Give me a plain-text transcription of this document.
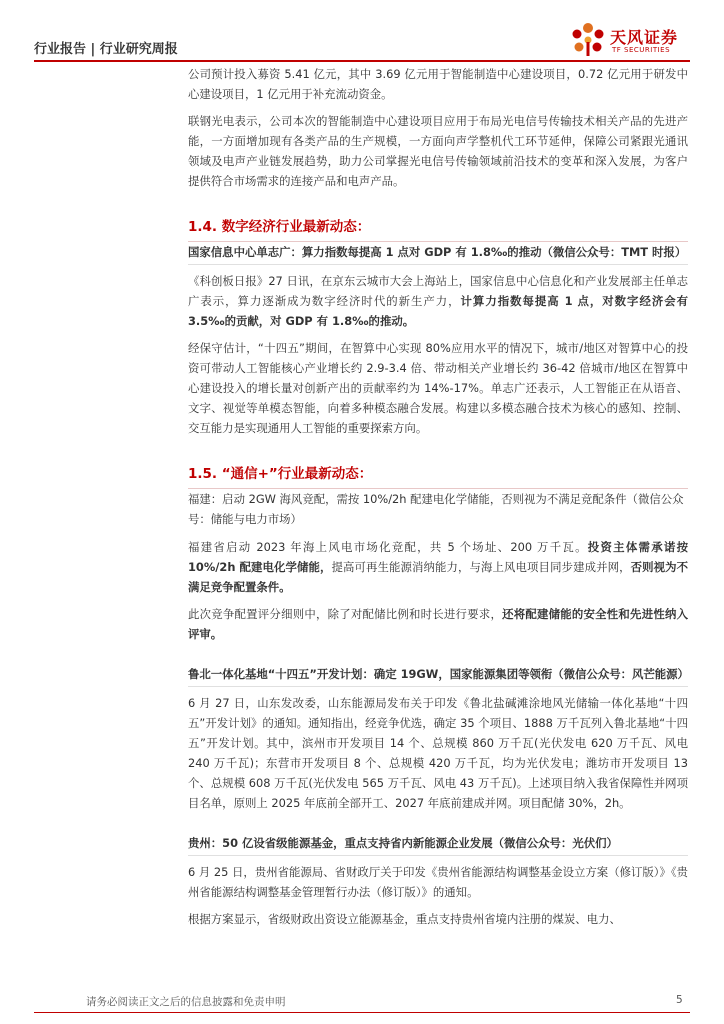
行业报告 | 行业研究周报
天风证券
TF SECURITIES

公司预计投入募资 5.41 亿元，其中 3.69 亿元用于智能制造中心建设项目，0.72 亿元用于研发中心建设项目，1 亿元用于补充流动资金。

联钢光电表示，公司本次的智能制造中心建设项目应用于布局光电信号传输技术相关产品的先进产能，一方面增加现有各类产品的生产规模，一方面向声学整机代工环节延伸，保障公司紧跟光通讯领域及电声产业链发展趋势，助力公司掌握光电信号传输领域前沿技术的变革和深入发展，为客户提供符合市场需求的连接产品和电声产品。

1.4. 数字经济行业最新动态：
国家信息中心单志广：算力指数每提高 1 点对 GDP 有 1.8‰的推动（微信公众号：TMT 时报）

《科创板日报》27 日讯，在京东云城市大会上海站上，国家信息中心信息化和产业发展部主任单志广表示，算力逐渐成为数字经济时代的新生产力，计算力指数每提高 1 点，对数字经济会有 3.5‰的贡献，对 GDP 有 1.8‰的推动。

经保守估计，“十四五”期间，在智算中心实现 80%应用水平的情况下，城市/地区对智算中心的投资可带动人工智能核心产业增长约 2.9-3.4 倍、带动相关产业增长约 36-42 倍城市/地区在智算中心建设投入的增长量对创新产出的贡献率约为 14%-17%。单志广还表示，人工智能正在从语音、文字、视觉等单模态智能，向着多种模态融合发展。构建以多模态融合技术为核心的感知、控制、交互能力是实现通用人工智能的重要探索方向。

1.5. “通信+”行业最新动态：
福建：启动 2GW 海风竞配，需按 10%/2h 配建电化学储能，否则视为不满足竞配条件（微信公众号：储能与电力市场）

福建省启动 2023 年海上风电市场化竞配，共 5 个场址、200 万千瓦。投资主体需承诺按 10%/2h 配建电化学储能，提高可再生能源消纳能力，与海上风电项目同步建成并网，否则视为不满足竞争配置条件。

此次竞争配置评分细则中，除了对配储比例和时长进行要求，还将配建储能的安全性和先进性纳入评审。

鲁北一体化基地“十四五”开发计划：确定 19GW，国家能源集团等领衔（微信公众号：风芒能源）

6 月 27 日，山东发改委，山东能源局发布关于印发《鲁北盐碱滩涂地风光储输一体化基地“十四五”开发计划》的通知。通知指出，经竞争优选，确定 35 个项目、1888 万千瓦列入鲁北基地“十四五”开发计划。其中，滨州市开发项目 14 个、总规模 860 万千瓦(光伏发电 620 万千瓦、风电 240 万千瓦)；东营市开发项目 8 个、总规模 420 万千瓦，均为光伏发电；潍坊市开发项目 13 个、总规模 608 万千瓦(光伏发电 565 万千瓦、风电 43 万千瓦)。上述项目纳入我省保障性并网项目名单，原则上 2025 年底前全部开工、2027 年底前建成并网。项目配储 30%，2h。

贵州：50 亿设省级能源基金，重点支持省内新能源企业发展（微信公众号：光伏们）

6 月 25 日，贵州省能源局、省财政厅关于印发《贵州省能源结构调整基金设立方案（修订版）》《贵州省能源结构调整基金管理暂行办法（修订版）》的通知。

根据方案显示，省级财政出资设立能源基金，重点支持贵州省境内注册的煤炭、电力、

请务必阅读正文之后的信息披露和免责申明	5
